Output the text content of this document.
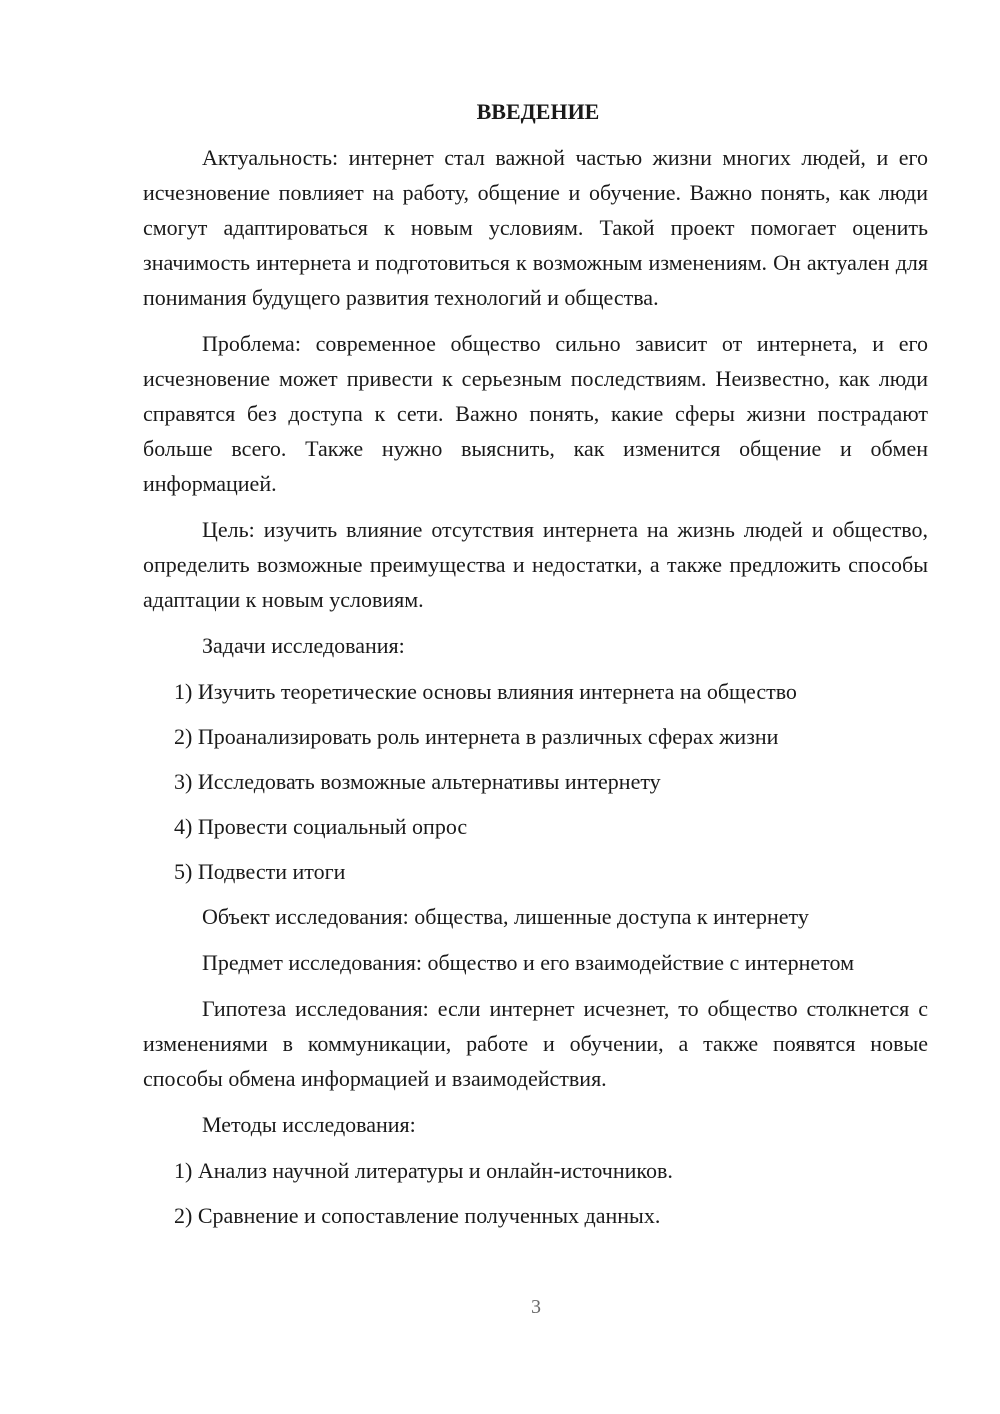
ВВЕДЕНИЕ

Актуальность: интернет стал важной частью жизни многих людей, и его исчезновение повлияет на работу, общение и обучение. Важно понять, как люди смогут адаптироваться к новым условиям. Такой проект помогает оценить значимость интернета и подготовиться к возможным изменениям. Он актуален для понимания будущего развития технологий и общества.

Проблема: современное общество сильно зависит от интернета, и его исчезновение может привести к серьезным последствиям. Неизвестно, как люди справятся без доступа к сети. Важно понять, какие сферы жизни пострадают больше всего. Также нужно выяснить, как изменится общение и обмен информацией.

Цель: изучить влияние отсутствия интернета на жизнь людей и общество, определить возможные преимущества и недостатки, а также предложить способы адаптации к новым условиям.

Задачи исследования:

1) Изучить теоретические основы влияния интернета на общество

2) Проанализировать роль интернета в различных сферах жизни

3) Исследовать возможные альтернативы интернету

4) Провести социальный опрос

5) Подвести итоги

Объект исследования: общества, лишенные доступа к интернету

Предмет исследования: общество и его взаимодействие с интернетом

Гипотеза исследования: если интернет исчезнет, то общество столкнется с изменениями в коммуникации, работе и обучении, а также появятся новые способы обмена информацией и взаимодействия.

Методы исследования:

1) Анализ научной литературы и онлайн-источников.

2) Сравнение и сопоставление полученных данных.

3
